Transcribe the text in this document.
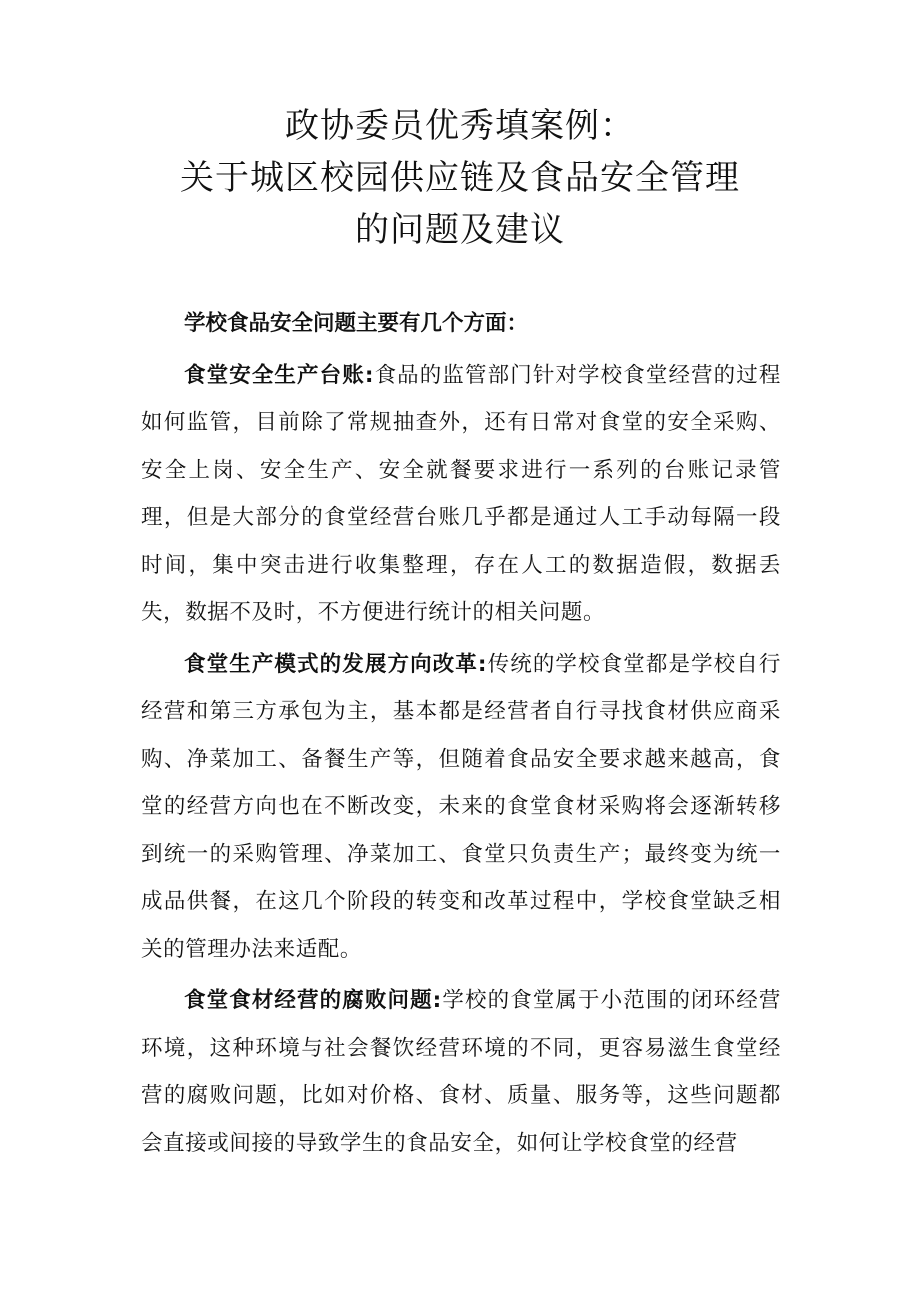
政协委员优秀填案例：
关于城区校园供应链及食品安全管理
的问题及建议

学校食品安全问题主要有几个方面：

食堂安全生产台账:食品的监管部门针对学校食堂经营的过程如何监管，目前除了常规抽查外，还有日常对食堂的安全采购、安全上岗、安全生产、安全就餐要求进行一系列的台账记录管理，但是大部分的食堂经营台账几乎都是通过人工手动每隔一段时间，集中突击进行收集整理，存在人工的数据造假，数据丢失，数据不及时，不方便进行统计的相关问题。

食堂生产模式的发展方向改革:传统的学校食堂都是学校自行经营和第三方承包为主，基本都是经营者自行寻找食材供应商采购、净菜加工、备餐生产等，但随着食品安全要求越来越高，食堂的经营方向也在不断改变，未来的食堂食材采购将会逐渐转移到统一的采购管理、净菜加工、食堂只负责生产；最终变为统一成品供餐，在这几个阶段的转变和改革过程中，学校食堂缺乏相关的管理办法来适配。

食堂食材经营的腐败问题:学校的食堂属于小范围的闭环经营环境，这种环境与社会餐饮经营环境的不同，更容易滋生食堂经营的腐败问题，比如对价格、食材、质量、服务等，这些问题都会直接或间接的导致学生的食品安全，如何让学校食堂的经营
